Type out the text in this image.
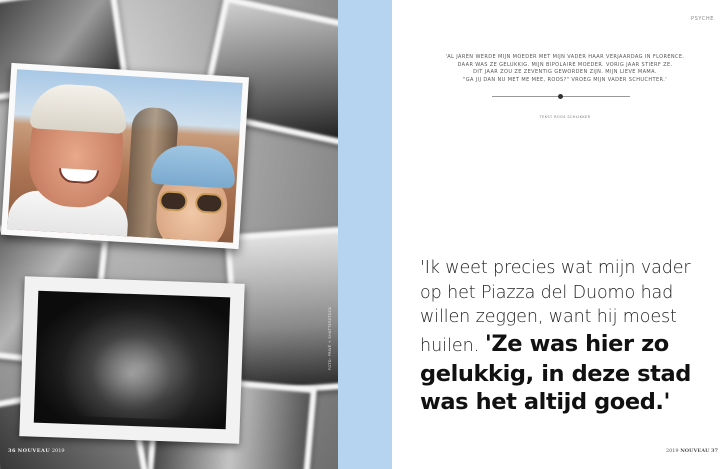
36 NOUVEAU 2019
FOTO: PRIVÉ + SHUTTERSTOCK
PSYCHE
'AL JAREN WERDE MIJN MOEDER MET MIJN VADER HAAR VERJAARDAG IN FLORENCE.
DAAR WAS ZE GELUKKIG. MIJN BIPOLAIRE MOEDER. VORIG JAAR STIERF ZE.
DIT JAAR ZOU ZE ZEVENTIG GEWORDEN ZIJN. MIJN LIEVE MAMA.
"GA JIJ DAN NU MET ME MEE, ROOS?" VROEG MIJN VADER SCHUCHTER.'
TEKST ROOS SCHLIKKER
'Ik weet precies wat mijn vader
op het Piazza del Duomo had
willen zeggen, want hij moest
huilen. 'Ze was hier zo
gelukkig, in deze stad
was het altijd goed.'
2019 NOUVEAU 37
